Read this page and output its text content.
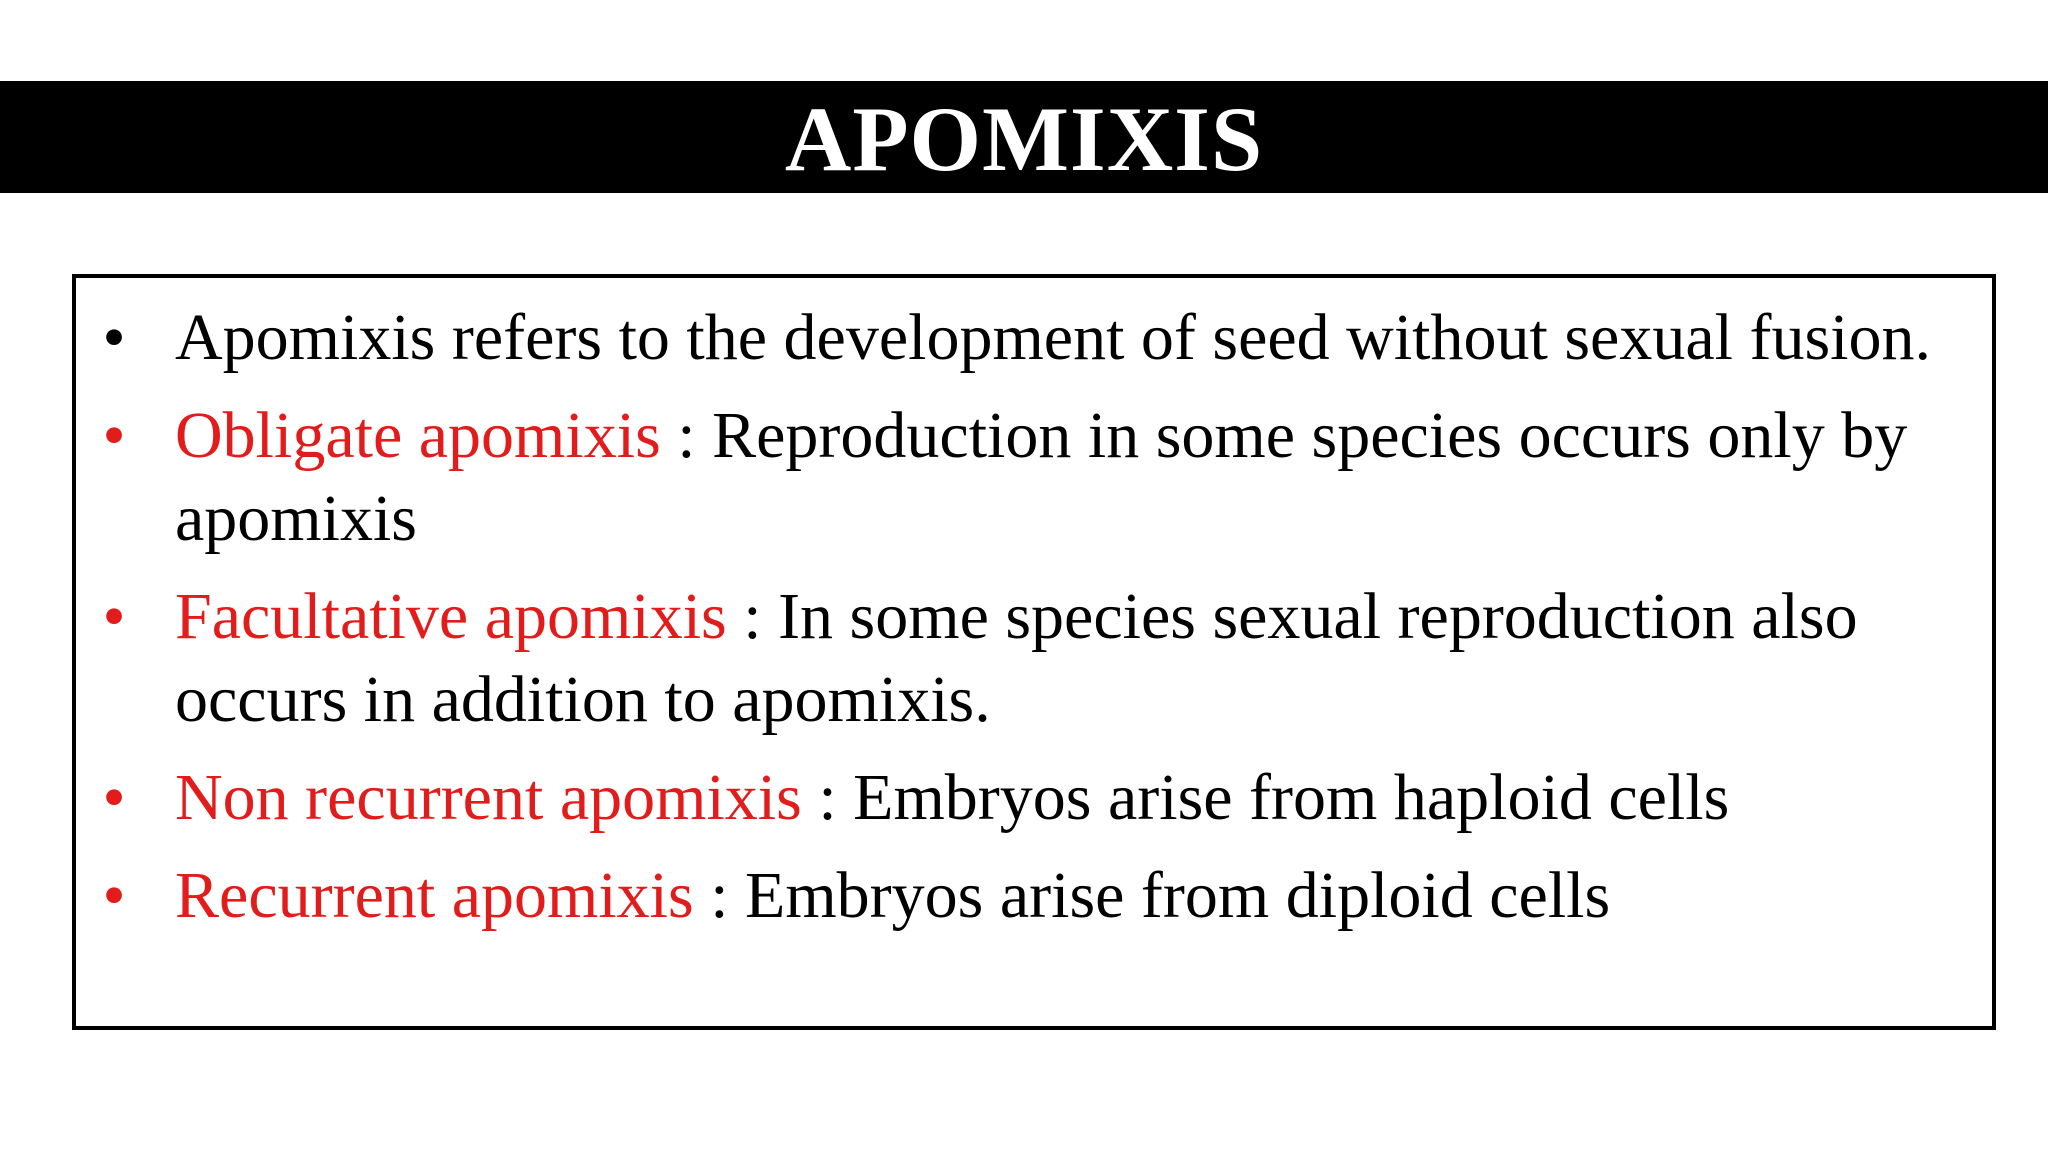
APOMIXIS
• Apomixis refers to the development of seed without sexual fusion.
• Obligate apomixis : Reproduction in some species occurs only by apomixis
• Facultative apomixis : In some species sexual reproduction also occurs in addition to apomixis.
• Non recurrent apomixis : Embryos arise from haploid cells
• Recurrent apomixis : Embryos arise from diploid cells
